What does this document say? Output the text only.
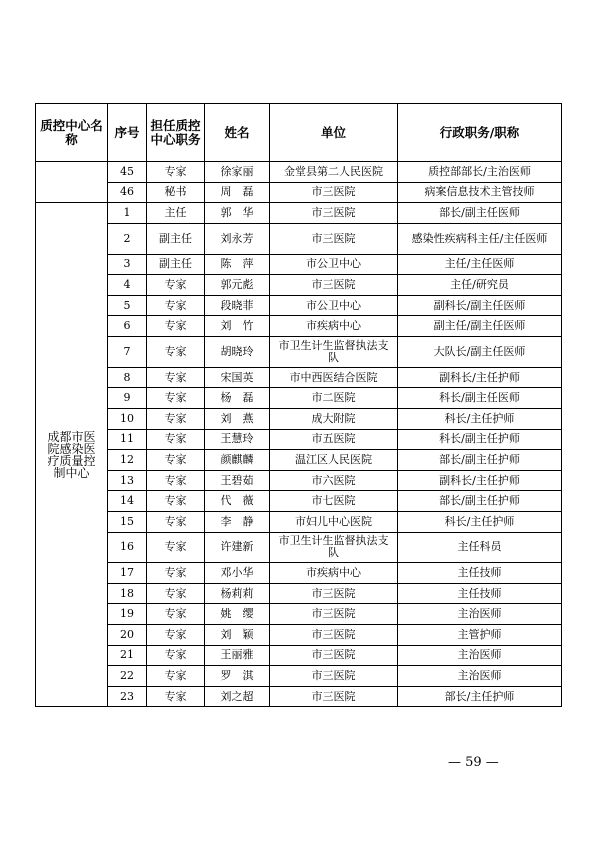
质控中心名称	序号	担任质控中心职务	姓名	单位	行政职务/职称
	45	专家	徐家丽	金堂县第二人民医院	质控部部长/主治医师
	46	秘书	周　磊	市三医院	病案信息技术主管技师
成都市医院感染医疗质量控制中心	1	主任	郭　华	市三医院	部长/副主任医师
	2	副主任	刘永芳	市三医院	感染性疾病科主任/主任医师
	3	副主任	陈　萍	市公卫中心	主任/主任医师
	4	专家	郭元彪	市三医院	主任/研究员
	5	专家	段晓菲	市公卫中心	副科长/副主任医师
	6	专家	刘　竹	市疾病中心	副主任/副主任医师
	7	专家	胡晓玲	市卫生计生监督执法支队	大队长/副主任医师
	8	专家	宋国英	市中西医结合医院	副科长/主任护师
	9	专家	杨　磊	市二医院	科长/副主任医师
	10	专家	刘　燕	成大附院	科长/主任护师
	11	专家	王慧玲	市五医院	科长/副主任护师
	12	专家	颜麒麟	温江区人民医院	部长/副主任护师
	13	专家	王碧茹	市六医院	副科长/主任护师
	14	专家	代　薇	市七医院	部长/副主任护师
	15	专家	李　静	市妇儿中心医院	科长/主任护师
	16	专家	许建新	市卫生计生监督执法支队	主任科员
	17	专家	邓小华	市疾病中心	主任技师
	18	专家	杨莉莉	市三医院	主任技师
	19	专家	姚　缨	市三医院	主治医师
	20	专家	刘　颖	市三医院	主管护师
	21	专家	王丽雅	市三医院	主治医师
	22	专家	罗　淇	市三医院	主治医师
	23	专家	刘之超	市三医院	部长/主任护师
— 59 —
